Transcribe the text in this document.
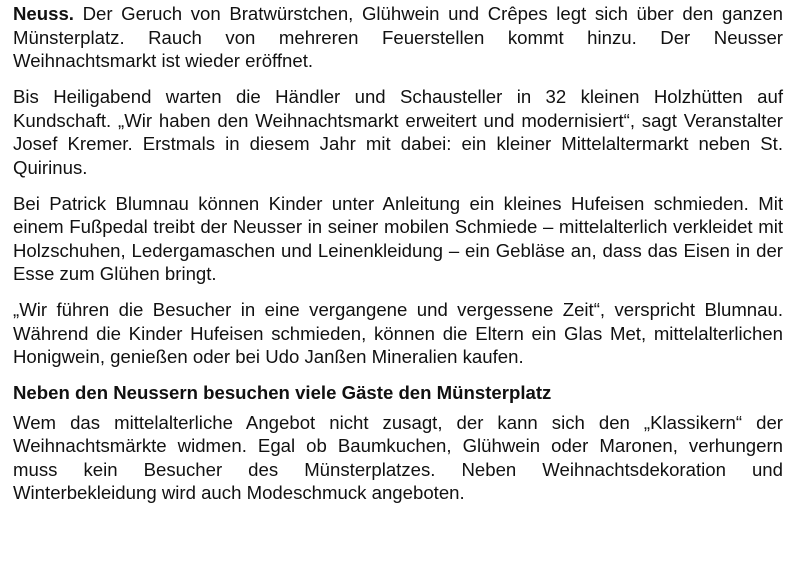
Neuss. Der Geruch von Bratwürstchen, Glühwein und Crêpes legt sich über den ganzen Münsterplatz. Rauch von mehreren Feuerstellen kommt hinzu. Der Neusser Weihnachtsmarkt ist wieder eröffnet.

Bis Heiligabend warten die Händler und Schausteller in 32 kleinen Holzhütten auf Kundschaft. „Wir haben den Weihnachtsmarkt erweitert und modernisiert“, sagt Veranstalter Josef Kremer. Erstmals in diesem Jahr mit dabei: ein kleiner Mittelaltermarkt neben St. Quirinus.

Bei Patrick Blumnau können Kinder unter Anleitung ein kleines Hufeisen schmieden. Mit einem Fußpedal treibt der Neusser in seiner mobilen Schmiede – mittelalterlich verkleidet mit Holzschuhen, Ledergamaschen und Leinenkleidung – ein Gebläse an, dass das Eisen in der Esse zum Glühen bringt.

„Wir führen die Besucher in eine vergangene und vergessene Zeit“, verspricht Blumnau. Während die Kinder Hufeisen schmieden, können die Eltern ein Glas Met, mittelalterlichen Honigwein, genießen oder bei Udo Janßen Mineralien kaufen.

Neben den Neussern besuchen viele Gäste den Münsterplatz

Wem das mittelalterliche Angebot nicht zusagt, der kann sich den „Klassikern“ der Weihnachtsmärkte widmen. Egal ob Baumkuchen, Glühwein oder Maronen, verhungern muss kein Besucher des Münsterplatzes. Neben Weihnachtsdekoration und Winterbekleidung wird auch Modeschmuck angeboten.
